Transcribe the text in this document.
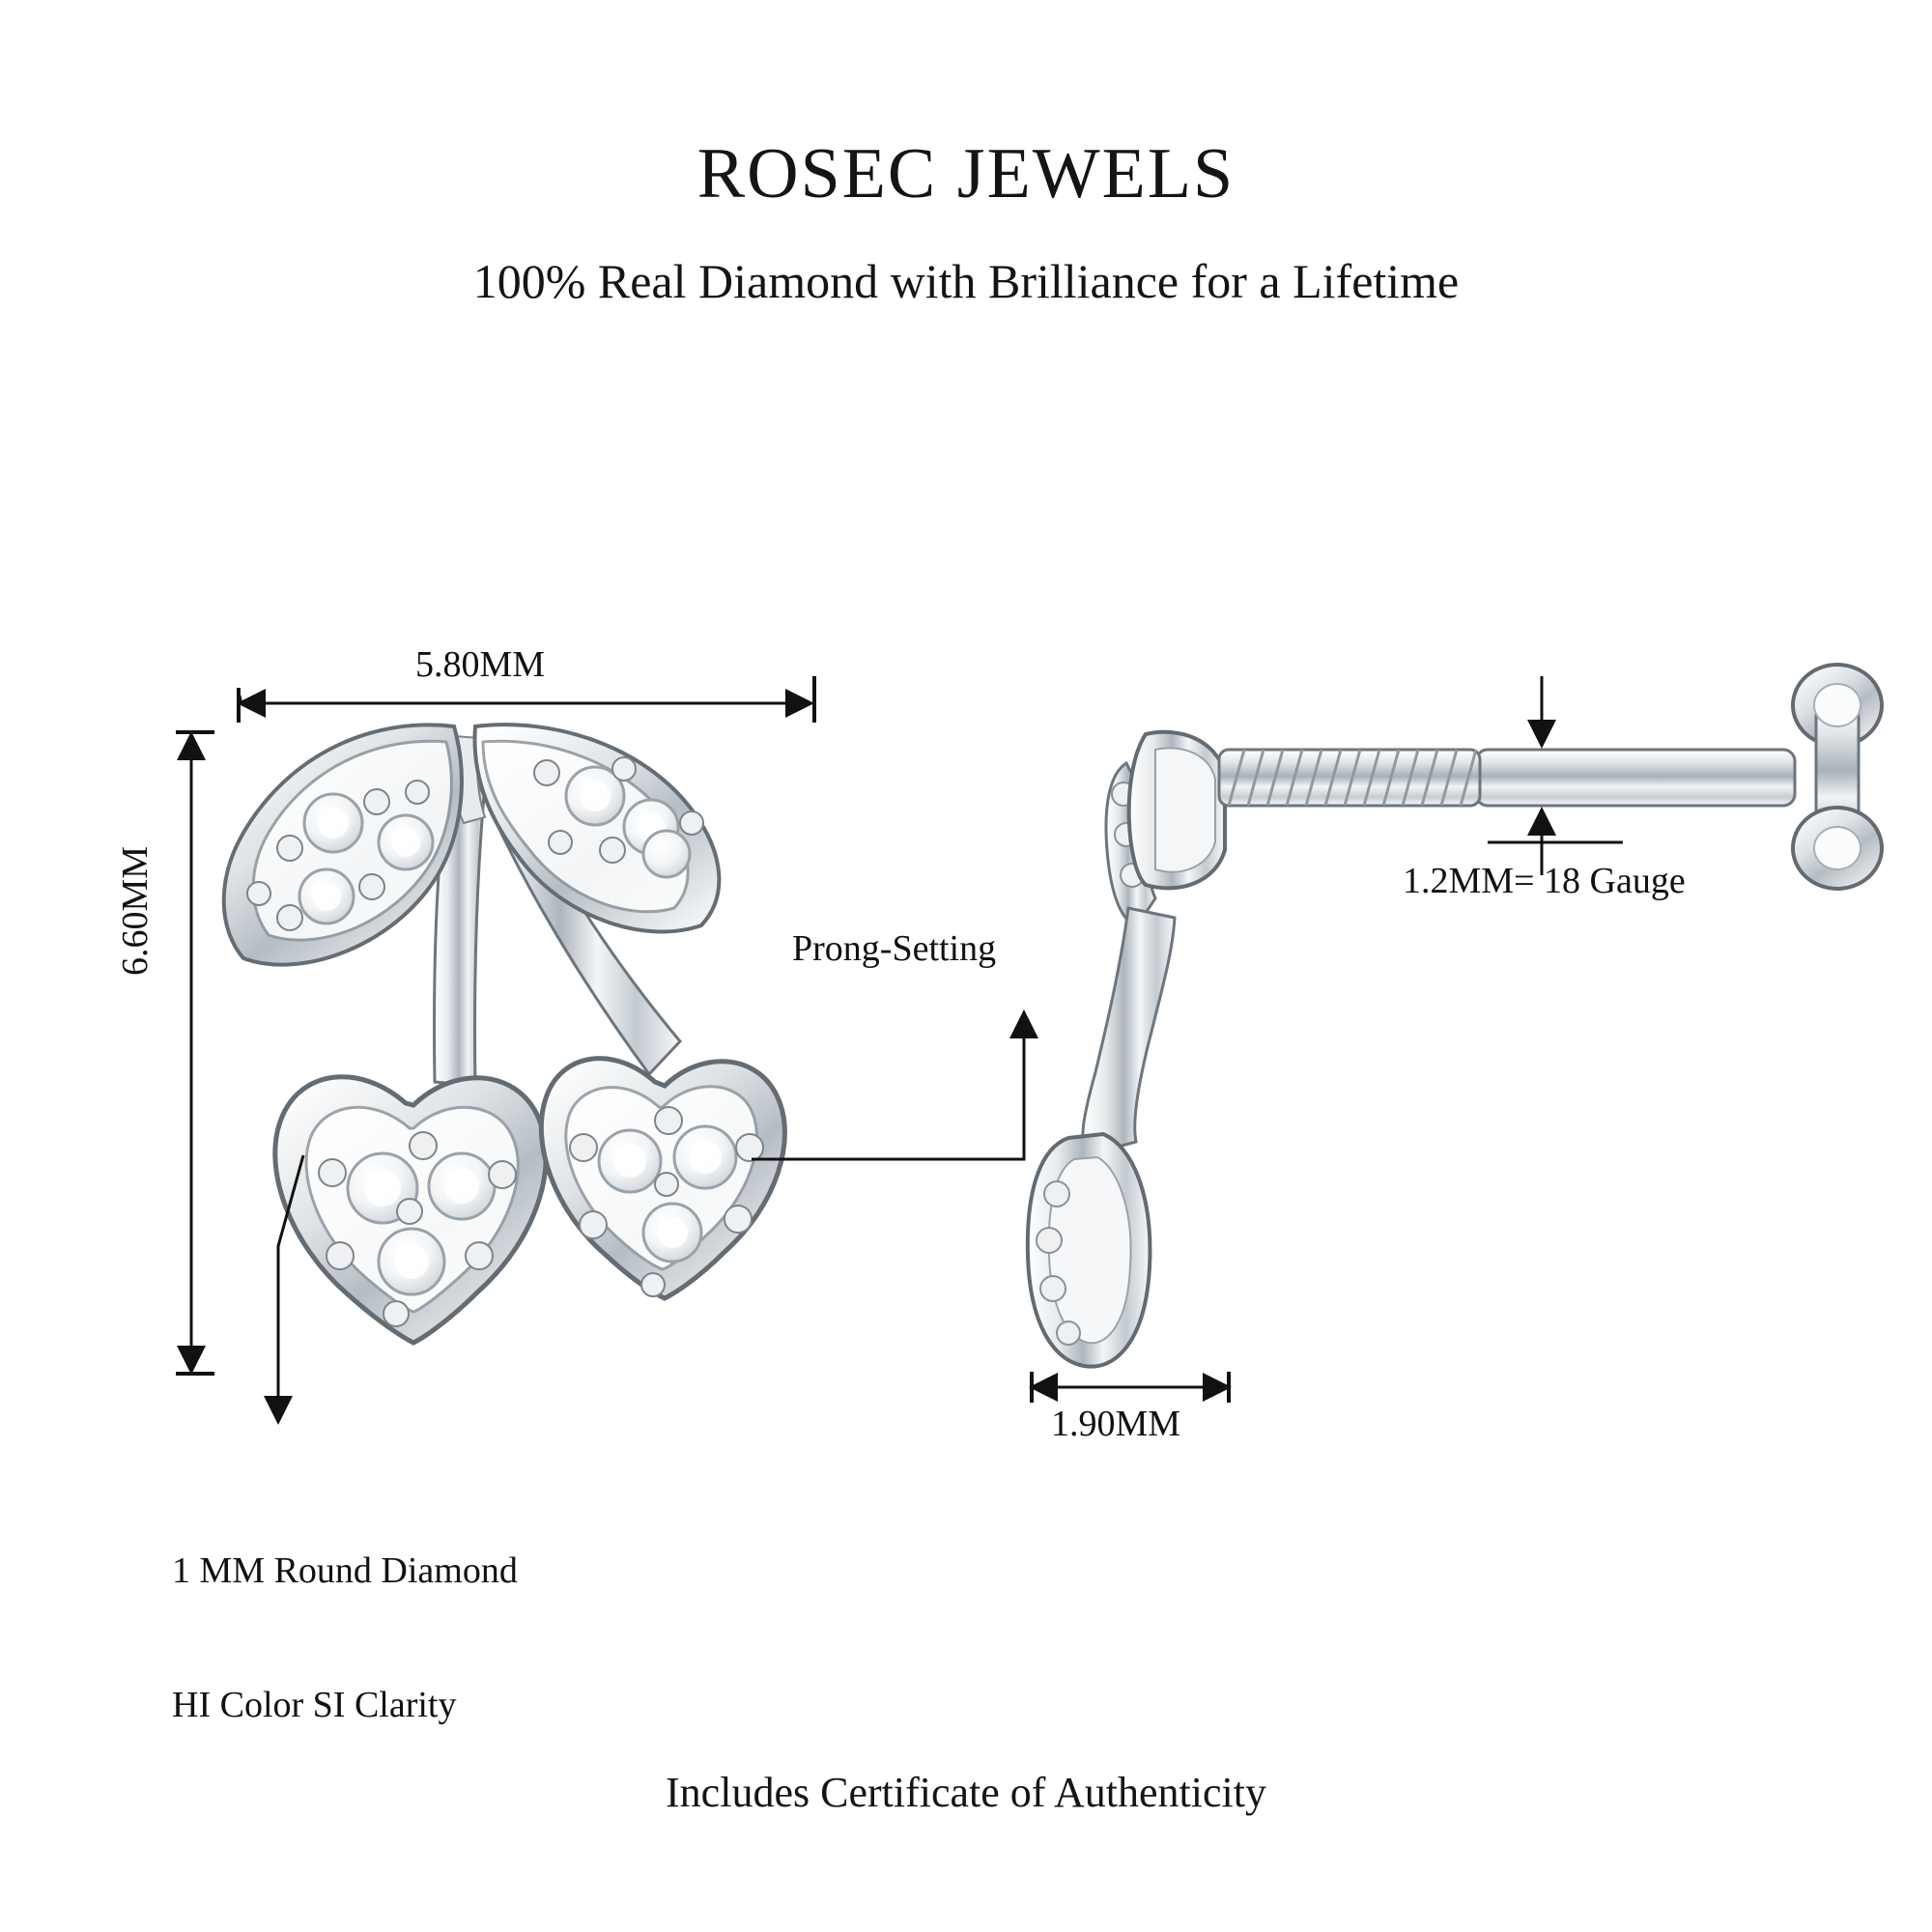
ROSEC JEWELS
100% Real Diamond with Brilliance for a Lifetime
5.80MM
6.60MM	Prong-Setting
1.2MM= 18 Gauge
1.90MM

1 MM Round Diamond

HI Color SI Clarity

Includes Certificate of Authenticity
